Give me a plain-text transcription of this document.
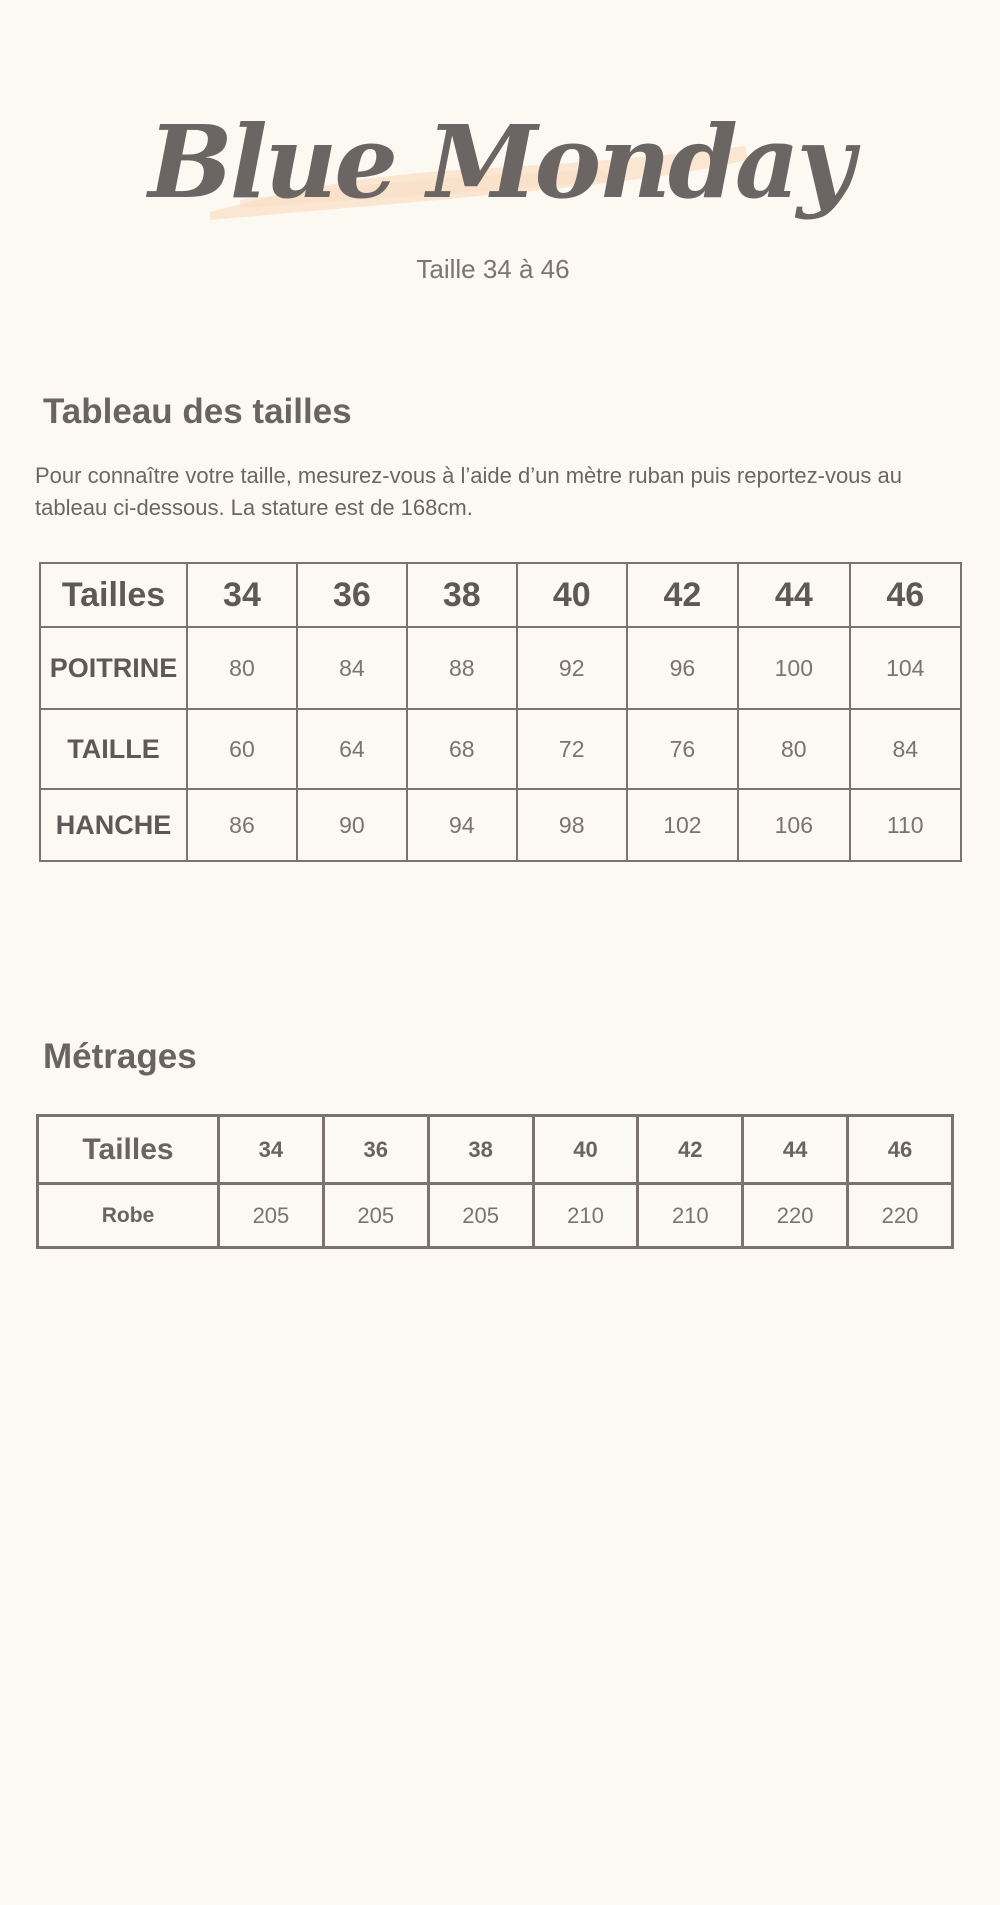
Blue Monday

Taille 34 à 46

Tableau des tailles

Pour connaître votre taille, mesurez-vous à l’aide d’un mètre ruban puis reportez-vous au tableau ci-dessous. La stature est de 168cm.

Tailles	34	36	38	40	42	44	46
POITRINE	80	84	88	92	96	100	104
TAILLE	60	64	68	72	76	80	84
HANCHE	86	90	94	98	102	106	110
Métrages
Tailles	34	36	38	40	42	44	46
Robe	205	205	205	210	210	220	220
